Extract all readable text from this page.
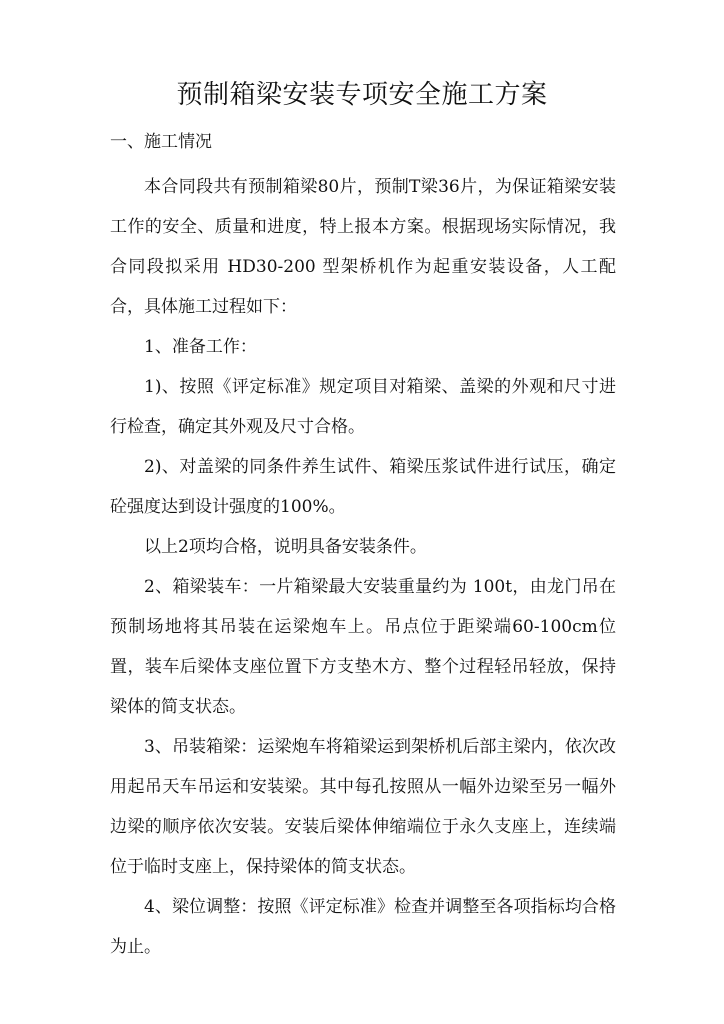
预制箱梁安装专项安全施工方案
一、施工情况

本合同段共有预制箱梁80片，预制T梁36片，为保证箱梁安装工作的安全、质量和进度，特上报本方案。根据现场实际情况，我合同段拟采用 HD30-200 型架桥机作为起重安装设备，人工配合，具体施工过程如下：

1、准备工作：

1)、按照《评定标准》规定项目对箱梁、盖梁的外观和尺寸进行检查，确定其外观及尺寸合格。

2)、对盖梁的同条件养生试件、箱梁压浆试件进行试压，确定砼强度达到设计强度的100%。

以上2项均合格，说明具备安装条件。

2、箱梁装车：一片箱梁最大安装重量约为 100t，由龙门吊在预制场地将其吊装在运梁炮车上。吊点位于距梁端60-100cm位置，装车后梁体支座位置下方支垫木方、整个过程轻吊轻放，保持梁体的简支状态。

3、吊装箱梁：运梁炮车将箱梁运到架桥机后部主梁内，依次改用起吊天车吊运和安装梁。其中每孔按照从一幅外边梁至另一幅外边梁的顺序依次安装。安装后梁体伸缩端位于永久支座上，连续端位于临时支座上，保持梁体的简支状态。

4、梁位调整：按照《评定标准》检查并调整至各项指标均合格为止。
